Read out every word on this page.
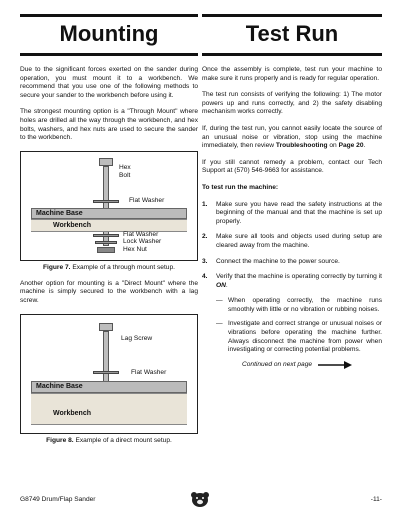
Mounting

Due to the significant forces exerted on the sander during operation, you must mount it to a workbench. We recommend that you use one of the following methods to secure your sander to the workbench before using it.

The strongest mounting option is a "Through Mount" where holes are drilled all the way through the workbench, and hex bolts, washers, and hex nuts are used to secure the sander to the workbench.

Hex
Bolt
Flat Washer
Machine Base
Workbench
Flat Washer
Lock Washer
Hex Nut
Figure 7. Example of a through mount setup.

Another option for mounting is a "Direct Mount" where the machine is simply secured to the workbench with a lag screw.

Lag Screw
Flat Washer
Machine Base
Workbench
Figure 8. Example of a direct mount setup.
Test Run

Once the assembly is complete, test run your machine to make sure it runs properly and is ready for regular operation.

The test run consists of verifying the following: 1) The motor powers up and runs correctly, and 2) the safety disabling mechanism works correctly.

If, during the test run, you cannot easily locate the source of an unusual noise or vibration, stop using the machine immediately, then review Troubleshooting on Page 20.

If you still cannot remedy a problem, contact our Tech Support at (570) 546-9663 for assistance.

To test run the machine:

1.	Make sure you have read the safety instructions at the beginning of the manual and that the machine is set up properly.
2.	Make sure all tools and objects used during setup are cleared away from the machine.
3.	Connect the machine to the power source.
4.	Verify that the machine is operating correctly by turning it ON.
— When operating correctly, the machine runs smoothly with little or no vibration or rubbing noises.
— Investigate and correct strange or unusual noises or vibrations before operating the machine further. Always disconnect the machine from power when investigating or correcting potential problems.
Continued on next page
G8749 Drum/Flap Sander	-11-
